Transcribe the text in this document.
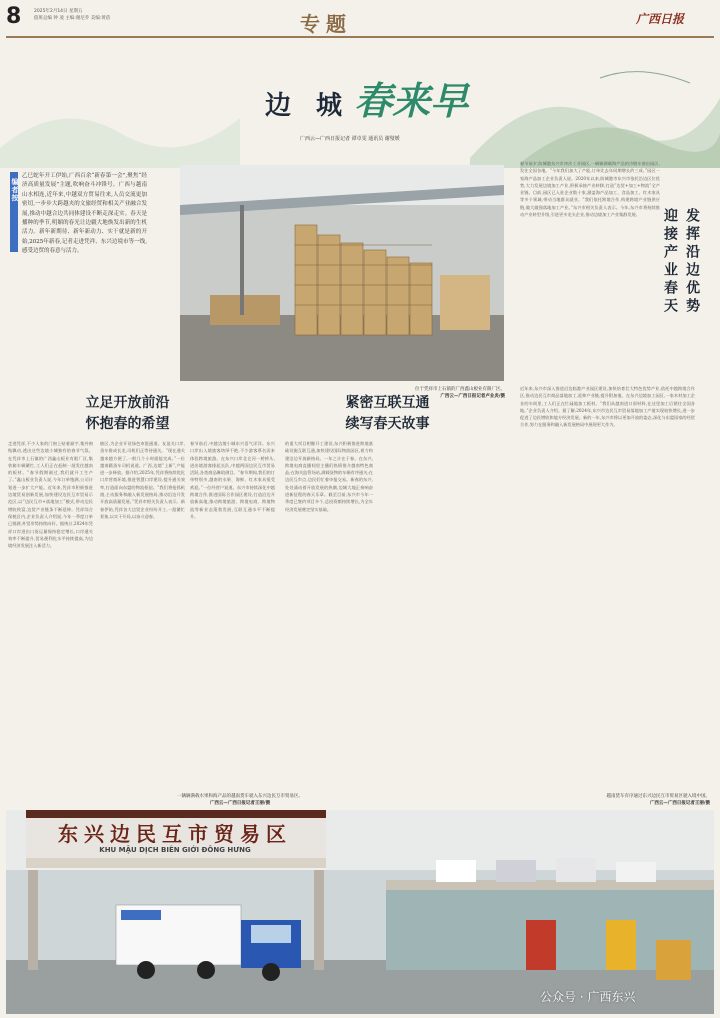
8	2025年2月14日 星期五
值班总编 钟 凌 主编:谢尼乔 美编:黄蓓	专题	广西日报
边 城 春来早
广西云—广西日报记者 谭卓雯 通讯员 谢璧媛
编者按
乙巳蛇年开工伊始,广西百余“新春第一会”,聚焦“经济高质量发展”主题,吹响奋斗冲锋号。广西与越南山水相连,近年来,中越双方贸易往来,人员交流更加密切,一步步大跨越夹的文旅经贸和相关产业融合发展,推动中越合边共同体建设不断走深走实。春天是播种的季节,明媚的春光让边疆大地焕发出新的生机活力。新年新期待、新年新动力、实干就是新的开始,2025年新春,记者走进凭祥、东兴边境市等一线,感受边贸的春意与活力。
位于凭祥市上石镇的广西鑫山板业有限厂区。
广西云—广西日报记者卢业炎/摄
立足开放前沿
怀抱春的希望
紧密互联互通
续写春天故事
发挥沿边优势
迎接产业春天
走进凭祥,不少人家的门窗上贴着福字,集外窗贴飘动,透出这些边境小城独有的春节气氛。在凭祥市上石镇的广西鑫山板业有限厂区,集装箱车辆繁忙,工人们正在赶制一批发往越南的板材。“春节假期刚过,我们就开工生产了。”鑫山板业负责人说,今年订单饱满,公司计划进一步扩大产能。近年来,凭祥市积极推进边境贸易创新发展,加快建设边民互市贸易示范区,以“边民互市+落地加工”模式,带动边民增收致富,边贸产业链条不断延伸。凭祥综合保税区内,企业负责人介绍说,今年一季度订单已排满,外贸形势持续向好。据统计,2024年凭祥口岸进出口货运量保持稳定增长,口岸通关效率不断提升,贸易便利化水平持续提高,为边境经济发展注入新活力。
辖区,为企业开设绿色审批通道。友谊关口岸,货车排成长龙,司机们正等待通关。“现在通关越来越方便了,一般几个小时就能完成。”一位越南籍货车司机说道。广西,边境“上新”,产能进一步释放。据介绍,2025年,凭祥将持续优化口岸营商环境,推进智慧口岸建设,提升通关效率,打造面向东盟的物流枢纽。“我们将抢抓机遇,主动服务和融入新发展格局,推动沿边开发开放高质量发展。”凭祥市相关负责人表示。新春伊始,凭祥各大边贸企业纷纷开工,一派繁忙景象,以实干开局,以奋斗迎春。
春节前后,中越边境小城东兴喜气洋洋。东兴口岸出入境旅客络绎不绝,不少游客慕名而来体验跨境旅游。在东兴口岸北仑河一桥桥头,进出境游客排起长队,中越两国边民互市贸易活跃,各类商品琳琅满目。“春节期间,我们的订单特别多,越南的水果、海鲜、红木家具很受欢迎。”一位经营户说道。东兴市持续深化中越跨境合作,推进国际合作园区建设,打造沿边开放新高地,推动跨境旅游、跨境电商、跨境物流等新业态蓬勃发展,互联互通水平不断提升。
的重大项目相继开工建设,东兴积极推进跨境基础设施互联互通,加快建设国际物流园区,着力构建沿边开放新格局。一年之计在于春。在东兴,跨境电商直播间里主播们热情推介越南特色商品;在海关监管场站,满载货物的车辆有序通关;在边民互市点,边民们忙着申报交易。新春的东兴,处处涌动着开放发展的热潮,边城大地正奏响奋进新征程的春天乐章。截至目前,东兴市今年一季度已签约项目多个,总投资额持续增长,为全年经济发展奠定坚实基础。
春节前夕,防城港东兴市冲沙工业园区,一辆辆满载海产品的冷链车驶出园区,发往全国各地。“今年我们加大了产能,订单比去年同期增长约三成。”园区一家海产品加工企业负责人说。2020年以来,防城港市东兴市依托沿边区位优势,大力发展边境加工产业,积极承接产业转移,打造“边贸+加工+物流”全产业链。目前,园区已入驻企业数十家,涵盖海产品加工、食品加工、红木家具等多个领域,带动当地群众就业。“我们依托跨境合作,构建跨境产业链供应链,做大做强落地加工产业。”东兴市相关负责人表示。今年,东兴市将持续推动产业转型升级,引进更多龙头企业,推动边境加工产业集群发展。
近年来,东兴市深入推进沿边临港产业园区建设,加快培育壮大特色优势产业,依托中越跨境合作区,推动边民互市商品落地加工,延伸产业链,提升附加值。在东兴边境加工园区,一家木材加工企业的车间里,工人们正在忙碌地加工板材。“我们从越南进口原材料,在这里加工后销往全国各地。”企业负责人介绍。据了解,2024年,东兴市边民互市贸易落地加工产值实现较快增长,进一步促进了边民增收和地方经济发展。新的一年,东兴市将以更加开放的姿态,深化与东盟国家的经贸合作,努力在服务和融入新发展格局中展现更大作为。
一辆辆满载水果和海产品的越南货车驶入东兴边民互市贸易区。
广西云—广西日报记者王丽/摄
越南货车有序通过东兴边民互市贸易区驶入境中国。
广西云—广西日报记者王丽/摄
东兴边民互市贸易区
KHU MẬU DỊCH BIÊN GIỚI ĐÔNG HƯNG
公众号 · 广西东兴
